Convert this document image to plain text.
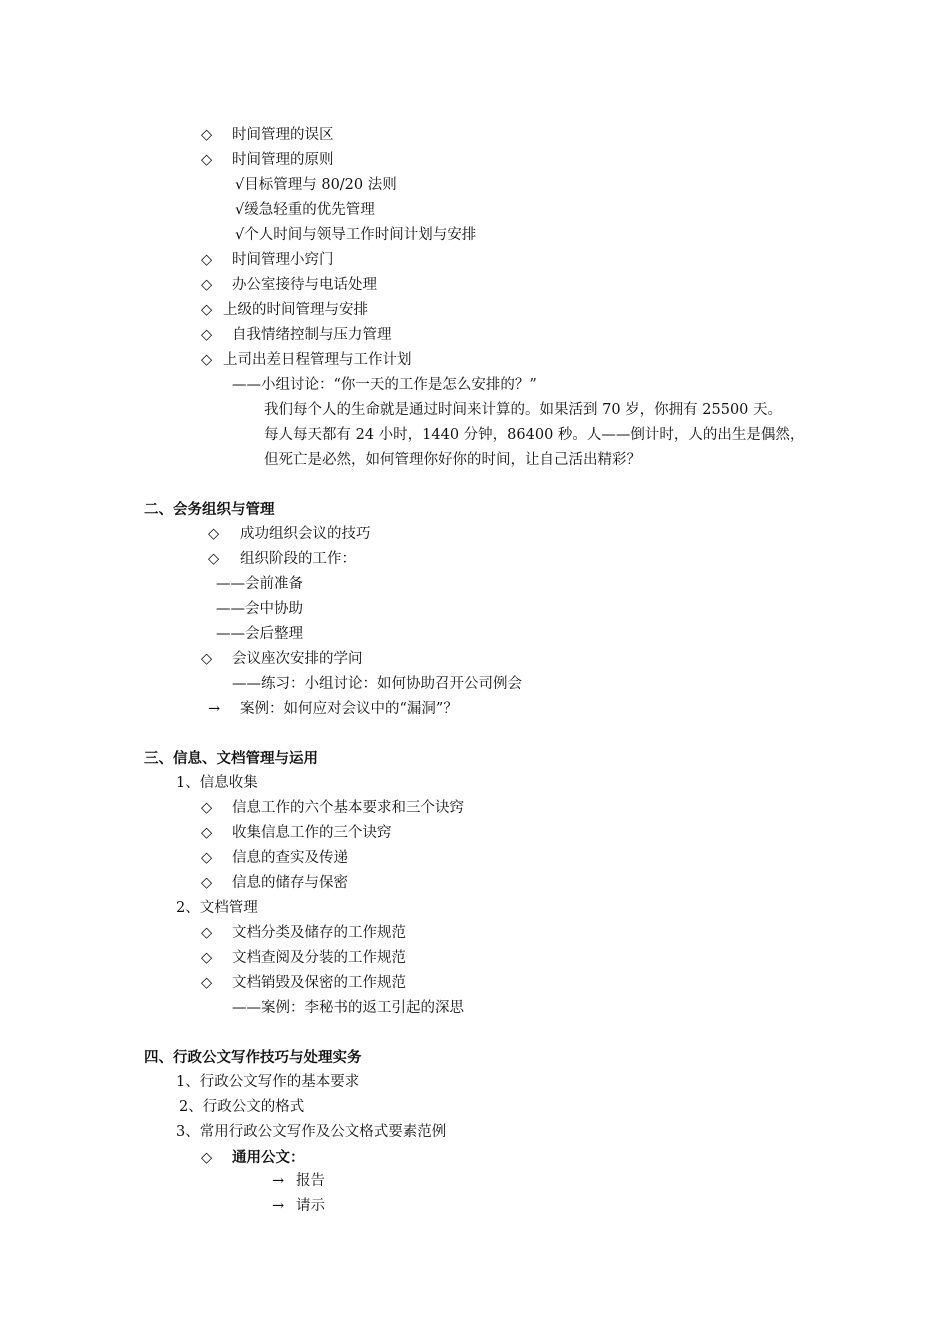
◇ 时间管理的误区
◇ 时间管理的原则
√目标管理与 80/20 法则
√缓急轻重的优先管理
√个人时间与领导工作时间计划与安排
◇ 时间管理小窍门
◇ 办公室接待与电话处理
◇ 上级的时间管理与安排
◇ 自我情绪控制与压力管理
◇ 上司出差日程管理与工作计划
——小组讨论：“你一天的工作是怎么安排的？”
我们每个人的生命就是通过时间来计算的。如果活到 70 岁，你拥有 25500 天。
每人每天都有 24 小时，1440 分钟，86400 秒。人——倒计时，人的出生是偶然，
但死亡是必然，如何管理你好你的时间，让自己活出精彩？
二、会务组织与管理
◇ 成功组织会议的技巧
◇ 组织阶段的工作：
——会前准备
——会中协助
——会后整理
◇ 会议座次安排的学问
——练习：小组讨论：如何协助召开公司例会
→ 案例：如何应对会议中的“漏洞”？
三、信息、文档管理与运用
1、信息收集
◇ 信息工作的六个基本要求和三个诀窍
◇ 收集信息工作的三个诀窍
◇ 信息的查实及传递
◇ 信息的储存与保密
2、文档管理
◇ 文档分类及储存的工作规范
◇ 文档查阅及分装的工作规范
◇ 文档销毁及保密的工作规范
——案例：李秘书的返工引起的深思
四、行政公文写作技巧与处理实务
1、行政公文写作的基本要求
2、行政公文的格式
3、常用行政公文写作及公文格式要素范例
◇ 通用公文：
→ 报告
→ 请示
